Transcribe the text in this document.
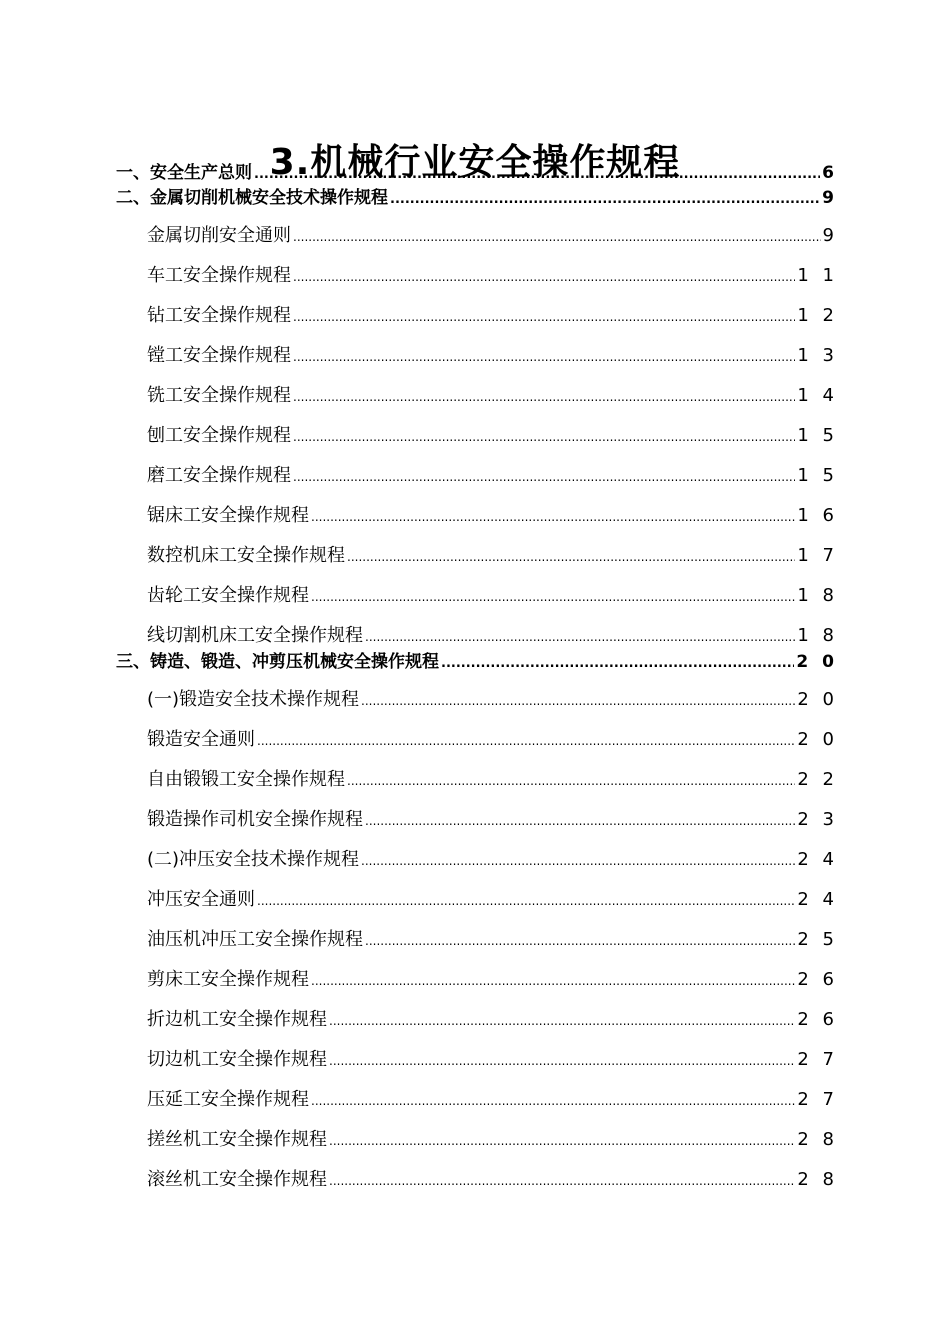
3.机械行业安全操作规程
一、安全生产总则 .....	6
二、金属切削机械安全技术操作规程 .....	9
金属切削安全通则 .....	9
车工安全操作规程 .....	1 1
钻工安全操作规程 .....	1 2
镗工安全操作规程 .....	1 3
铣工安全操作规程 .....	1 4
刨工安全操作规程 .....	1 5
磨工安全操作规程 .....	1 5
锯床工安全操作规程 .....	1 6
数控机床工安全操作规程 .....	1 7
齿轮工安全操作规程 .....	1 8
线切割机床工安全操作规程 .....	1 8
三、铸造、锻造、冲剪压机械安全操作规程 .....	2 0
(一)锻造安全技术操作规程 .....	2 0
锻造安全通则 .....	2 0
自由锻锻工安全操作规程 .....	2 2
锻造操作司机安全操作规程 .....	2 3
(二)冲压安全技术操作规程 .....	2 4
冲压安全通则 .....	2 4
油压机冲压工安全操作规程 .....	2 5
剪床工安全操作规程 .....	2 6
折边机工安全操作规程 .....	2 6
切边机工安全操作规程 .....	2 7
压延工安全操作规程 .....	2 7
搓丝机工安全操作规程 .....	2 8
滚丝机工安全操作规程 .....	2 8
